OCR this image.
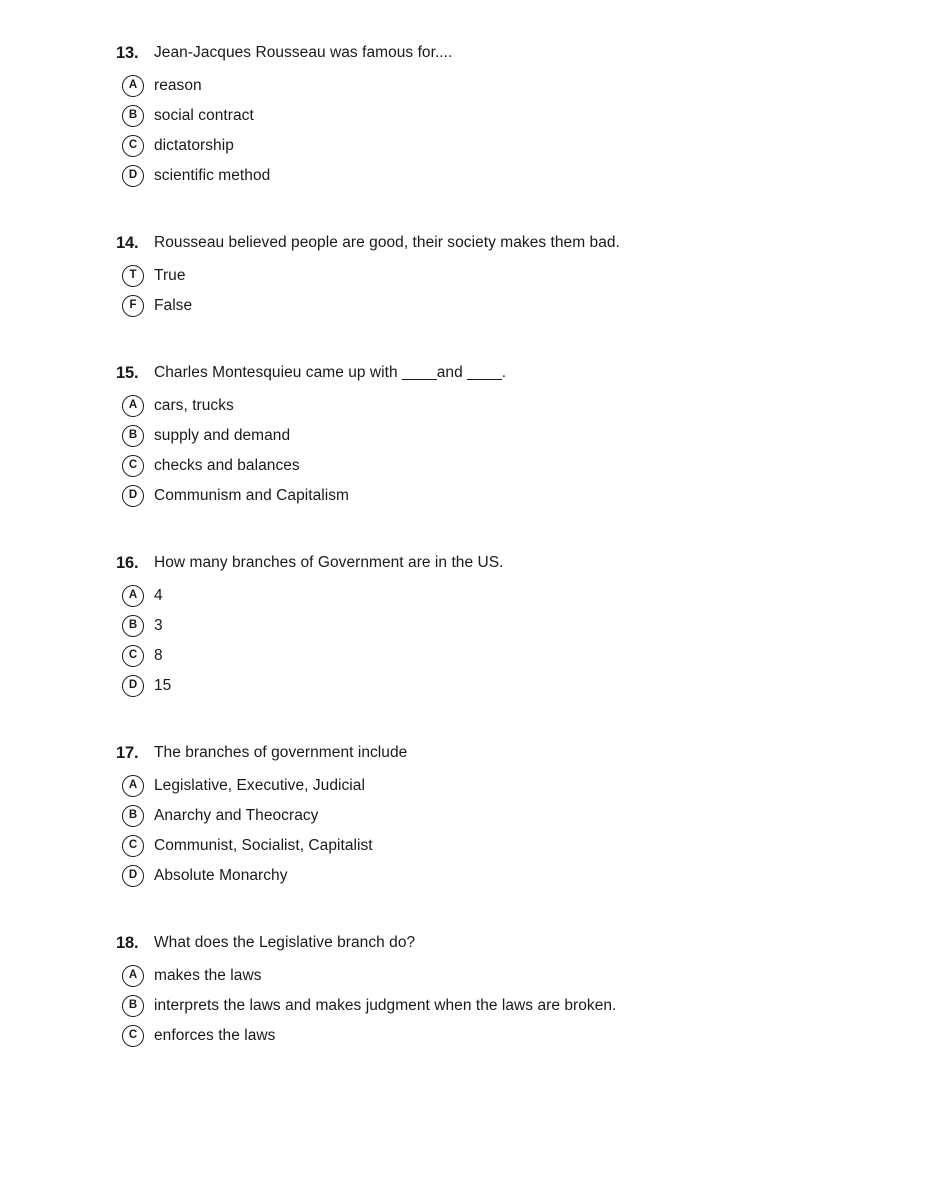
13.	Jean-Jacques Rousseau was famous for....
A	reason
B	social contract
C	dictatorship
D	scientific method
14.	Rousseau believed people are good, their society makes them bad.
T	True
F	False
15.	Charles Montesquieu came up with ____and ____.
A	cars, trucks
B	supply and demand
C	checks and balances
D	Communism and Capitalism
16.	How many branches of Government are in the US.
A	4
B	3
C	8
D	15
17.	The branches of government include
A	Legislative, Executive, Judicial
B	Anarchy and Theocracy
C	Communist, Socialist, Capitalist
D	Absolute Monarchy
18.	What does the Legislative branch do?
A	makes the laws
B	interprets the laws and makes judgment when the laws are broken.
C	enforces the laws
